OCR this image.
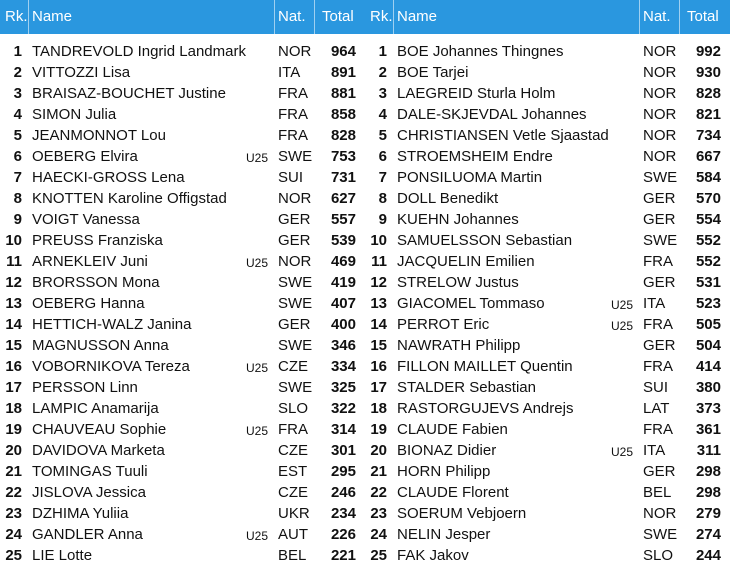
Rk. Name	Nat. Total
1 TANDREVOLD Ingrid Landmark NOR	964
2 VITTOZZI Lisa	ITA	891
3 BRAISAZ-BOUCHET Justine	FRA	881
4 SIMON Julia	FRA	858
5 JEANMONNOT Lou	FRA	828
6 OEBERG Elvira	U25 SWE	753
7 HAECKI-GROSS Lena	SUI	731
8 KNOTTEN Karoline Offigstad	NOR	627
9 VOIGT Vanessa	GER	557
10 PREUSS Franziska	GER	539
11 ARNEKLEIV Juni	U25 NOR	469
12 BRORSSON Mona	SWE	419
13 OEBERG Hanna	SWE	407
14 HETTICH-WALZ Janina	GER	400
15 MAGNUSSON Anna	SWE	346
16 VOBORNIKOVA Tereza	U25 CZE	334
17 PERSSON Linn	SWE	325
18 LAMPIC Anamarija	SLO	322
19 CHAUVEAU Sophie	U25 FRA	314
20 DAVIDOVA Marketa	CZE	301
21 TOMINGAS Tuuli	EST	295
22 JISLOVA Jessica	CZE	246
23 DZHIMA Yuliia	UKR	234
24 GANDLER Anna	U25 AUT	226
25 LIE Lotte	BEL	221
Rk. Name	Nat. Total
1 BOE Johannes Thingnes	NOR	992
2 BOE Tarjei	NOR	930
3 LAEGREID Sturla Holm	NOR	828
4 DALE-SKJEVDAL Johannes	NOR	821
5 CHRISTIANSEN Vetle Sjaastad NOR	734
6 STROEMSHEIM Endre	NOR	667
7 PONSILUOMA Martin	SWE	584
8 DOLL Benedikt	GER	570
9 KUEHN Johannes	GER	554
10 SAMUELSSON Sebastian	SWE	552
11 JACQUELIN Emilien	FRA	552
12 STRELOW Justus	GER	531
13 GIACOMEL Tommaso	U25 ITA	523
14 PERROT Eric	U25 FRA	505
15 NAWRATH Philipp	GER	504
16 FILLON MAILLET Quentin	FRA	414
17 STALDER Sebastian	SUI	380
18 RASTORGUJEVS Andrejs	LAT	373
19 CLAUDE Fabien	FRA	361
20 BIONAZ Didier	U25 ITA	311
21 HORN Philipp	GER	298
22 CLAUDE Florent	BEL	298
23 SOERUM Vebjoern	NOR	279
24 NELIN Jesper	SWE	274
25 FAK Jakov	SLO	244
